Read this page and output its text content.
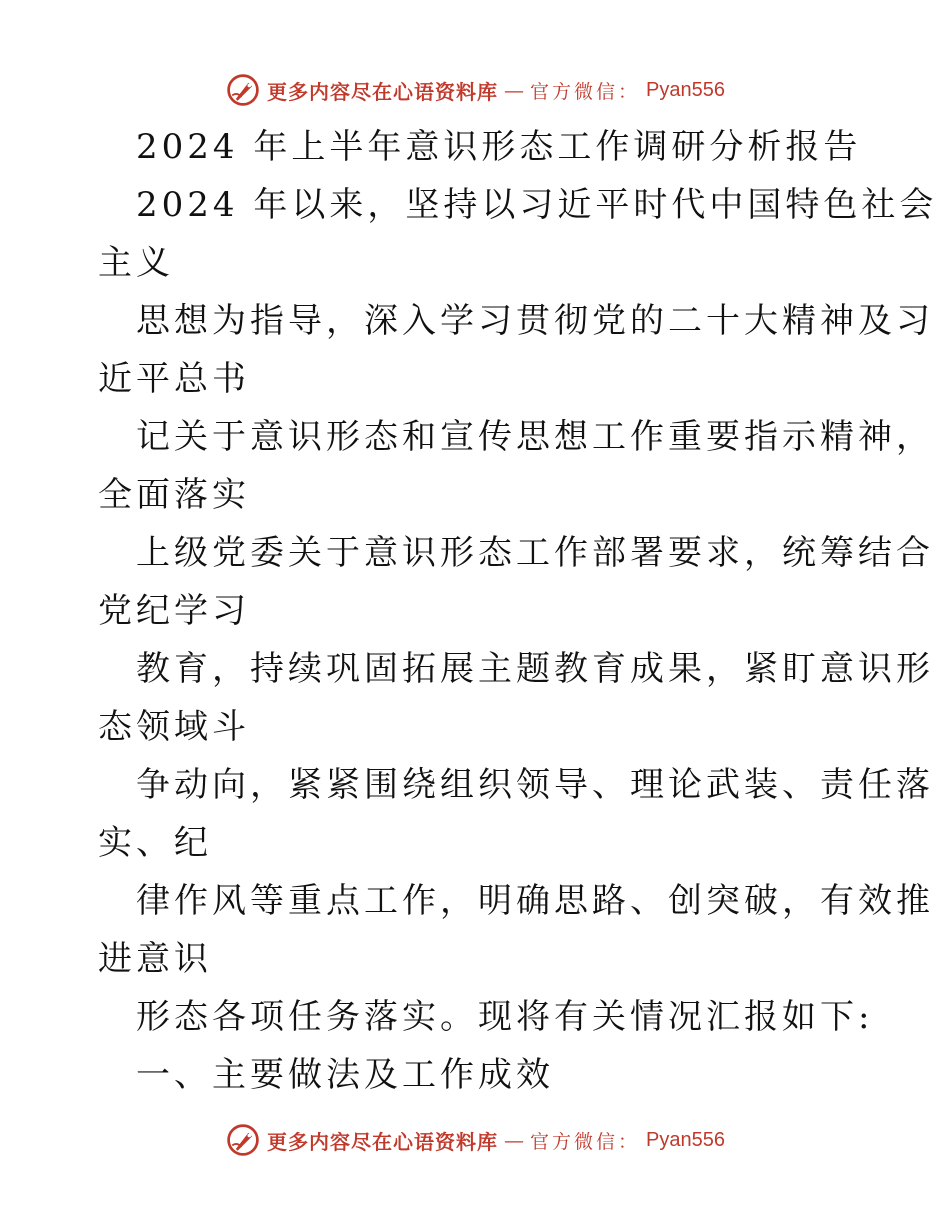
更多内容尽在心语资料库 — 官方微信： Pyan556
2024 年上半年意识形态工作调研分析报告
2024 年以来，坚持以习近平时代中国特色社会
主义
思想为指导，深入学习贯彻党的二十大精神及习
近平总书
记关于意识形态和宣传思想工作重要指示精神，
全面落实
上级党委关于意识形态工作部署要求，统筹结合
党纪学习
教育，持续巩固拓展主题教育成果，紧盯意识形
态领域斗
争动向，紧紧围绕组织领导、理论武装、责任落
实、纪
律作风等重点工作，明确思路、创突破，有效推
进意识
形态各项任务落实。现将有关情况汇报如下:
一、主要做法及工作成效
更多内容尽在心语资料库 — 官方微信： Pyan556
